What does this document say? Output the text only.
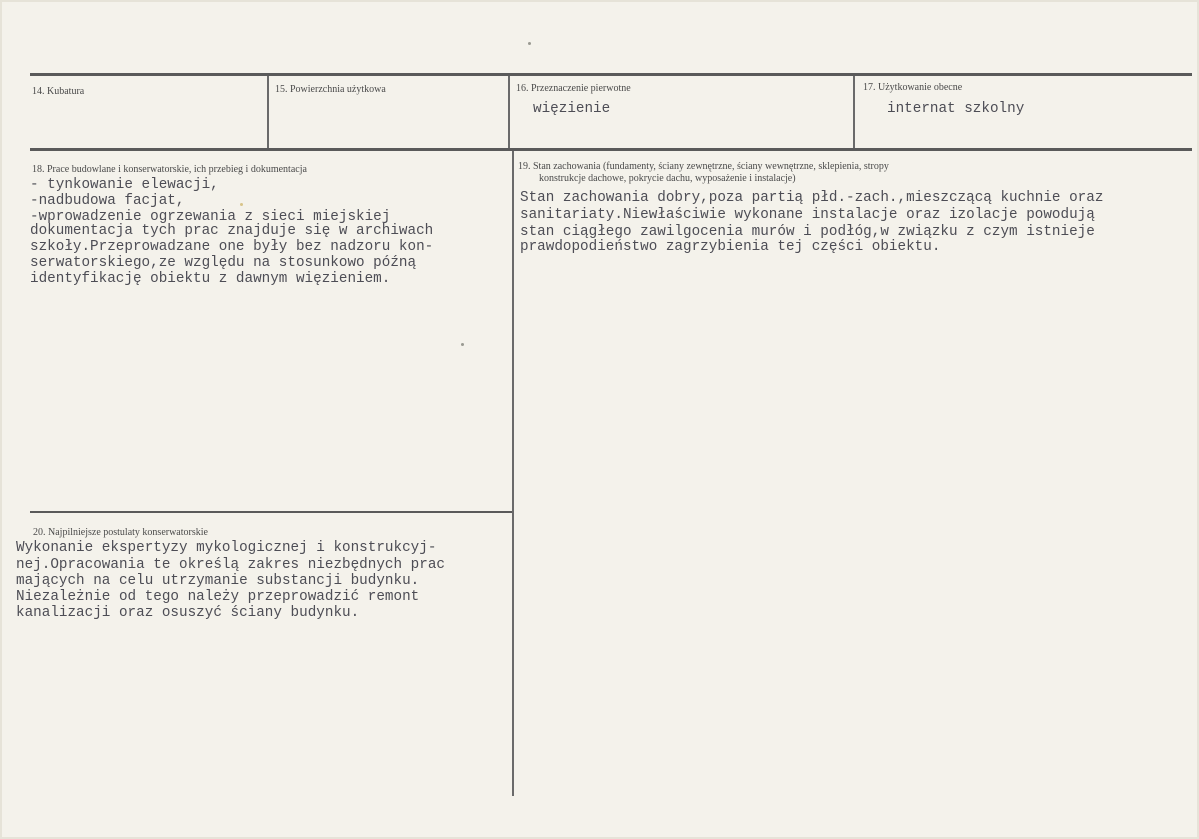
14. Kubatura	15. Powierzchnia użytkowa	16. Przeznaczenie pierwotne
więzienie
17. Użytkowanie obecne
internat szkolny
18. Prace budowlane i konserwatorskie, ich przebieg i dokumentacja
- tynkowanie elewacji,
-nadbudowa facjat,
-wprowadzenie ogrzewania z sieci miejskiej
dokumentacja tych prac znajduje się w archiwach
szkoły.Przeprowadzane one były bez nadzoru kon-
serwatorskiego,ze względu na stosunkowo późną
identyfikację obiektu z dawnym więzieniem.
19. Stan zachowania (fundamenty, ściany zewnętrzne, ściany wewnętrzne, sklepienia, stropy
konstrukcje dachowe, pokrycie dachu, wyposażenie i instalacje)
Stan zachowania dobry,poza partią płd.-zach.,mieszczącą kuchnie oraz
sanitariaty.Niewłaściwie wykonane instalacje oraz izolacje powodują
stan ciągłego zawilgocenia murów i podłóg,w związku z czym istnieje
prawdopodieństwo zagrzybienia tej części obiektu.
20. Najpilniejsze postulaty konserwatorskie
Wykonanie ekspertyzy mykologicznej i konstrukcyj-
nej.Opracowania te określą zakres niezbędnych prac
mających na celu utrzymanie substancji budynku.
Niezależnie od tego należy przeprowadzić remont
kanalizacji oraz osuszyć ściany budynku.
